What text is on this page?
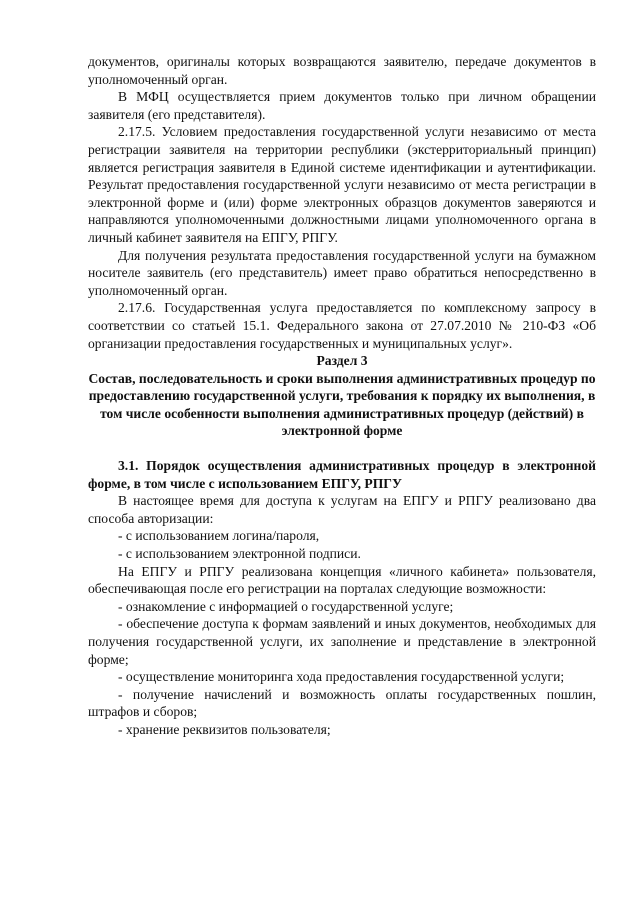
документов, оригиналы которых возвращаются заявителю, передаче документов в уполномоченный орган.

В МФЦ осуществляется прием документов только при личном обращении заявителя (его представителя).

2.17.5. Условием предоставления государственной услуги независимо от места регистрации заявителя на территории республики (экстерриториальный принцип) является регистрация заявителя в Единой системе идентификации и аутентификации. Результат предоставления государственной услуги независимо от места регистрации в электронной форме и (или) форме электронных образцов документов заверяются и направляются уполномоченными должностными лицами уполномоченного органа в личный кабинет заявителя на ЕПГУ, РПГУ.

Для получения результата предоставления государственной услуги на бумажном носителе заявитель (его представитель) имеет право обратиться непосредственно в уполномоченный орган.

2.17.6. Государственная услуга предоставляется по комплексному запросу в соответствии со статьей 15.1. Федерального закона от 27.07.2010 № 210-ФЗ «Об организации предоставления государственных и муниципальных услуг».

Раздел 3

Состав, последовательность и сроки выполнения административных процедур по предоставлению государственной услуги, требования к порядку их выполнения, в том числе особенности выполнения административных процедур (действий) в электронной форме

3.1. Порядок осуществления административных процедур в электронной форме, в том числе с использованием ЕПГУ, РПГУ

В настоящее время для доступа к услугам на ЕПГУ и РПГУ реализовано два способа авторизации:

- с использованием логина/пароля,

- с использованием электронной подписи.

На ЕПГУ и РПГУ реализована концепция «личного кабинета» пользователя, обеспечивающая после его регистрации на порталах следующие возможности:

- ознакомление с информацией о государственной услуге;

- обеспечение доступа к формам заявлений и иных документов, необходимых для получения государственной услуги, их заполнение и представление в электронной форме;

- осуществление мониторинга хода предоставления государственной услуги;

- получение начислений и возможность оплаты государственных пошлин, штрафов и сборов;

- хранение реквизитов пользователя;
